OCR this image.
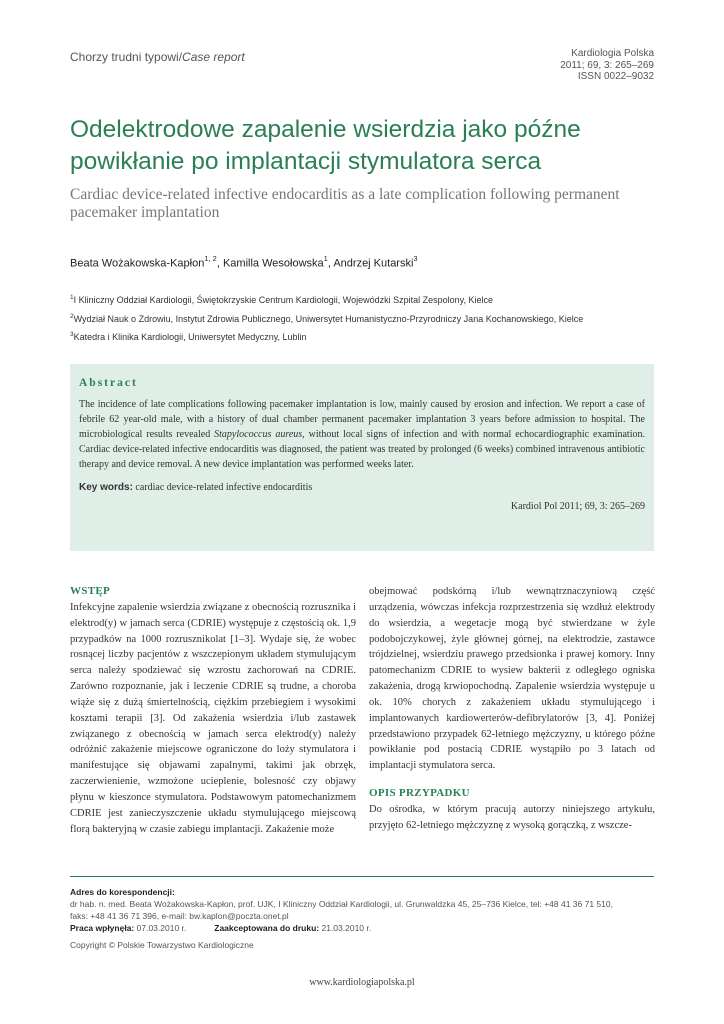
Chorzy trudni typowi/Case report	Kardiologia Polska
2011; 69, 3: 265–269
ISSN 0022–9032
Odelektrodowe zapalenie wsierdzia jako późne powikłanie po implantacji stymulatora serca
Cardiac device-related infective endocarditis as a late complication following permanent pacemaker implantation
Beata Wożakowska-Kapłon$^{1, 2}$, Kamilla Wesołowska$^1$, Andrzej Kutarski$^3$
$^1$I Kliniczny Oddział Kardiologii, Świętokrzyskie Centrum Kardiologii, Wojewódzki Szpital Zespolony, Kielce
$^2$Wydział Nauk o Zdrowiu, Instytut Zdrowia Publicznego, Uniwersytet Humanistyczno-Przyrodniczy Jana Kochanowskiego, Kielce
$^3$Katedra i Klinika Kardiologii, Uniwersytet Medyczny, Lublin
Abstract

The incidence of late complications following pacemaker implantation is low, mainly caused by erosion and infection. We report a case of febrile 62 year-old male, with a history of dual chamber permanent pacemaker implantation 3 years before admission to hospital. The microbiological results revealed Stapylococcus aureus, without local signs of infection and with normal echocardiographic examination. Cardiac device-related infective endocarditis was diagnosed, the patient was treated by prolonged (6 weeks) combined intravenous antibiotic therapy and device removal. A new device implantation was performed weeks later.

Key words: cardiac device-related infective endocarditis
Kardiol Pol 2011; 69, 3: 265–269
WSTĘP

Infekcyjne zapalenie wsierdzia związane z obecnością rozrusznika i elektrod(y) w jamach serca (CDRIE) występuje z częstością ok. 1,9 przypadków na 1000 rozrusznikolat [1–3]. Wydaje się, że wobec rosnącej liczby pacjentów z wszczepionym układem stymulującym serca należy spodziewać się wzrostu zachorowań na CDRIE. Zarówno rozpoznanie, jak i leczenie CDRIE są trudne, a choroba wiąże się z dużą śmiertelnością, ciężkim przebiegiem i wysokimi kosztami terapii [3]. Od zakażenia wsierdzia i/lub zastawek związanego z obecnością w jamach serca elektrod(y) należy odróżnić zakażenie miejscowe ograniczone do loży stymulatora i manifestujące się objawami zapalnymi, takimi jak obrzęk, zaczerwienienie, wzmożone ucieplenie, bolesność czy objawy płynu w kieszonce stymulatora. Podstawowym patomechanizmem CDRIE jest zanieczyszczenie układu stymulującego miejscową florą bakteryjną w czasie zabiegu implantacji. Zakażenie może

obejmować podskórną i/lub wewnątrznaczyniową część urządzenia, wówczas infekcja rozprzestrzenia się wzdłuż elektrody do wsierdzia, a wegetacje mogą być stwierdzane w żyle podobojczykowej, żyle głównej górnej, na elektrodzie, zastawce trójdzielnej, wsierdziu prawego przedsionka i prawej komory. Inny patomechanizm CDRIE to wysiew bakterii z odległego ogniska zakażenia, drogą krwiopochodną. Zapalenie wsierdzia występuje u ok. 10% chorych z zakażeniem układu stymulującego i implantowanych kardiowerterów-defibrylatorów [3, 4]. Poniżej przedstawiono przypadek 62-letniego mężczyzny, u którego późne powikłanie pod postacią CDRIE wystąpiło po 3 latach od implantacji stymulatora serca.

OPIS PRZYPADKU

Do ośrodka, w którym pracują autorzy niniejszego artykułu, przyjęto 62-letniego mężczyznę z wysoką gorączką, z wszcze-

Adres do korespondencji:
dr hab. n. med. Beata Wożakowska-Kapłon, prof. UJK, I Kliniczny Oddział Kardiologii, ul. Grunwaldzka 45, 25–736 Kielce, tel: +48 41 36 71 510,
faks: +48 41 36 71 396, e-mail: bw.kaplon@poczta.onet.pl
Praca wpłynęła: 07.03.2010 r.	Zaakceptowana do druku: 21.03.2010 r.
Copyright © Polskie Towarzystwo Kardiologiczne
www.kardiologiapolska.pl
